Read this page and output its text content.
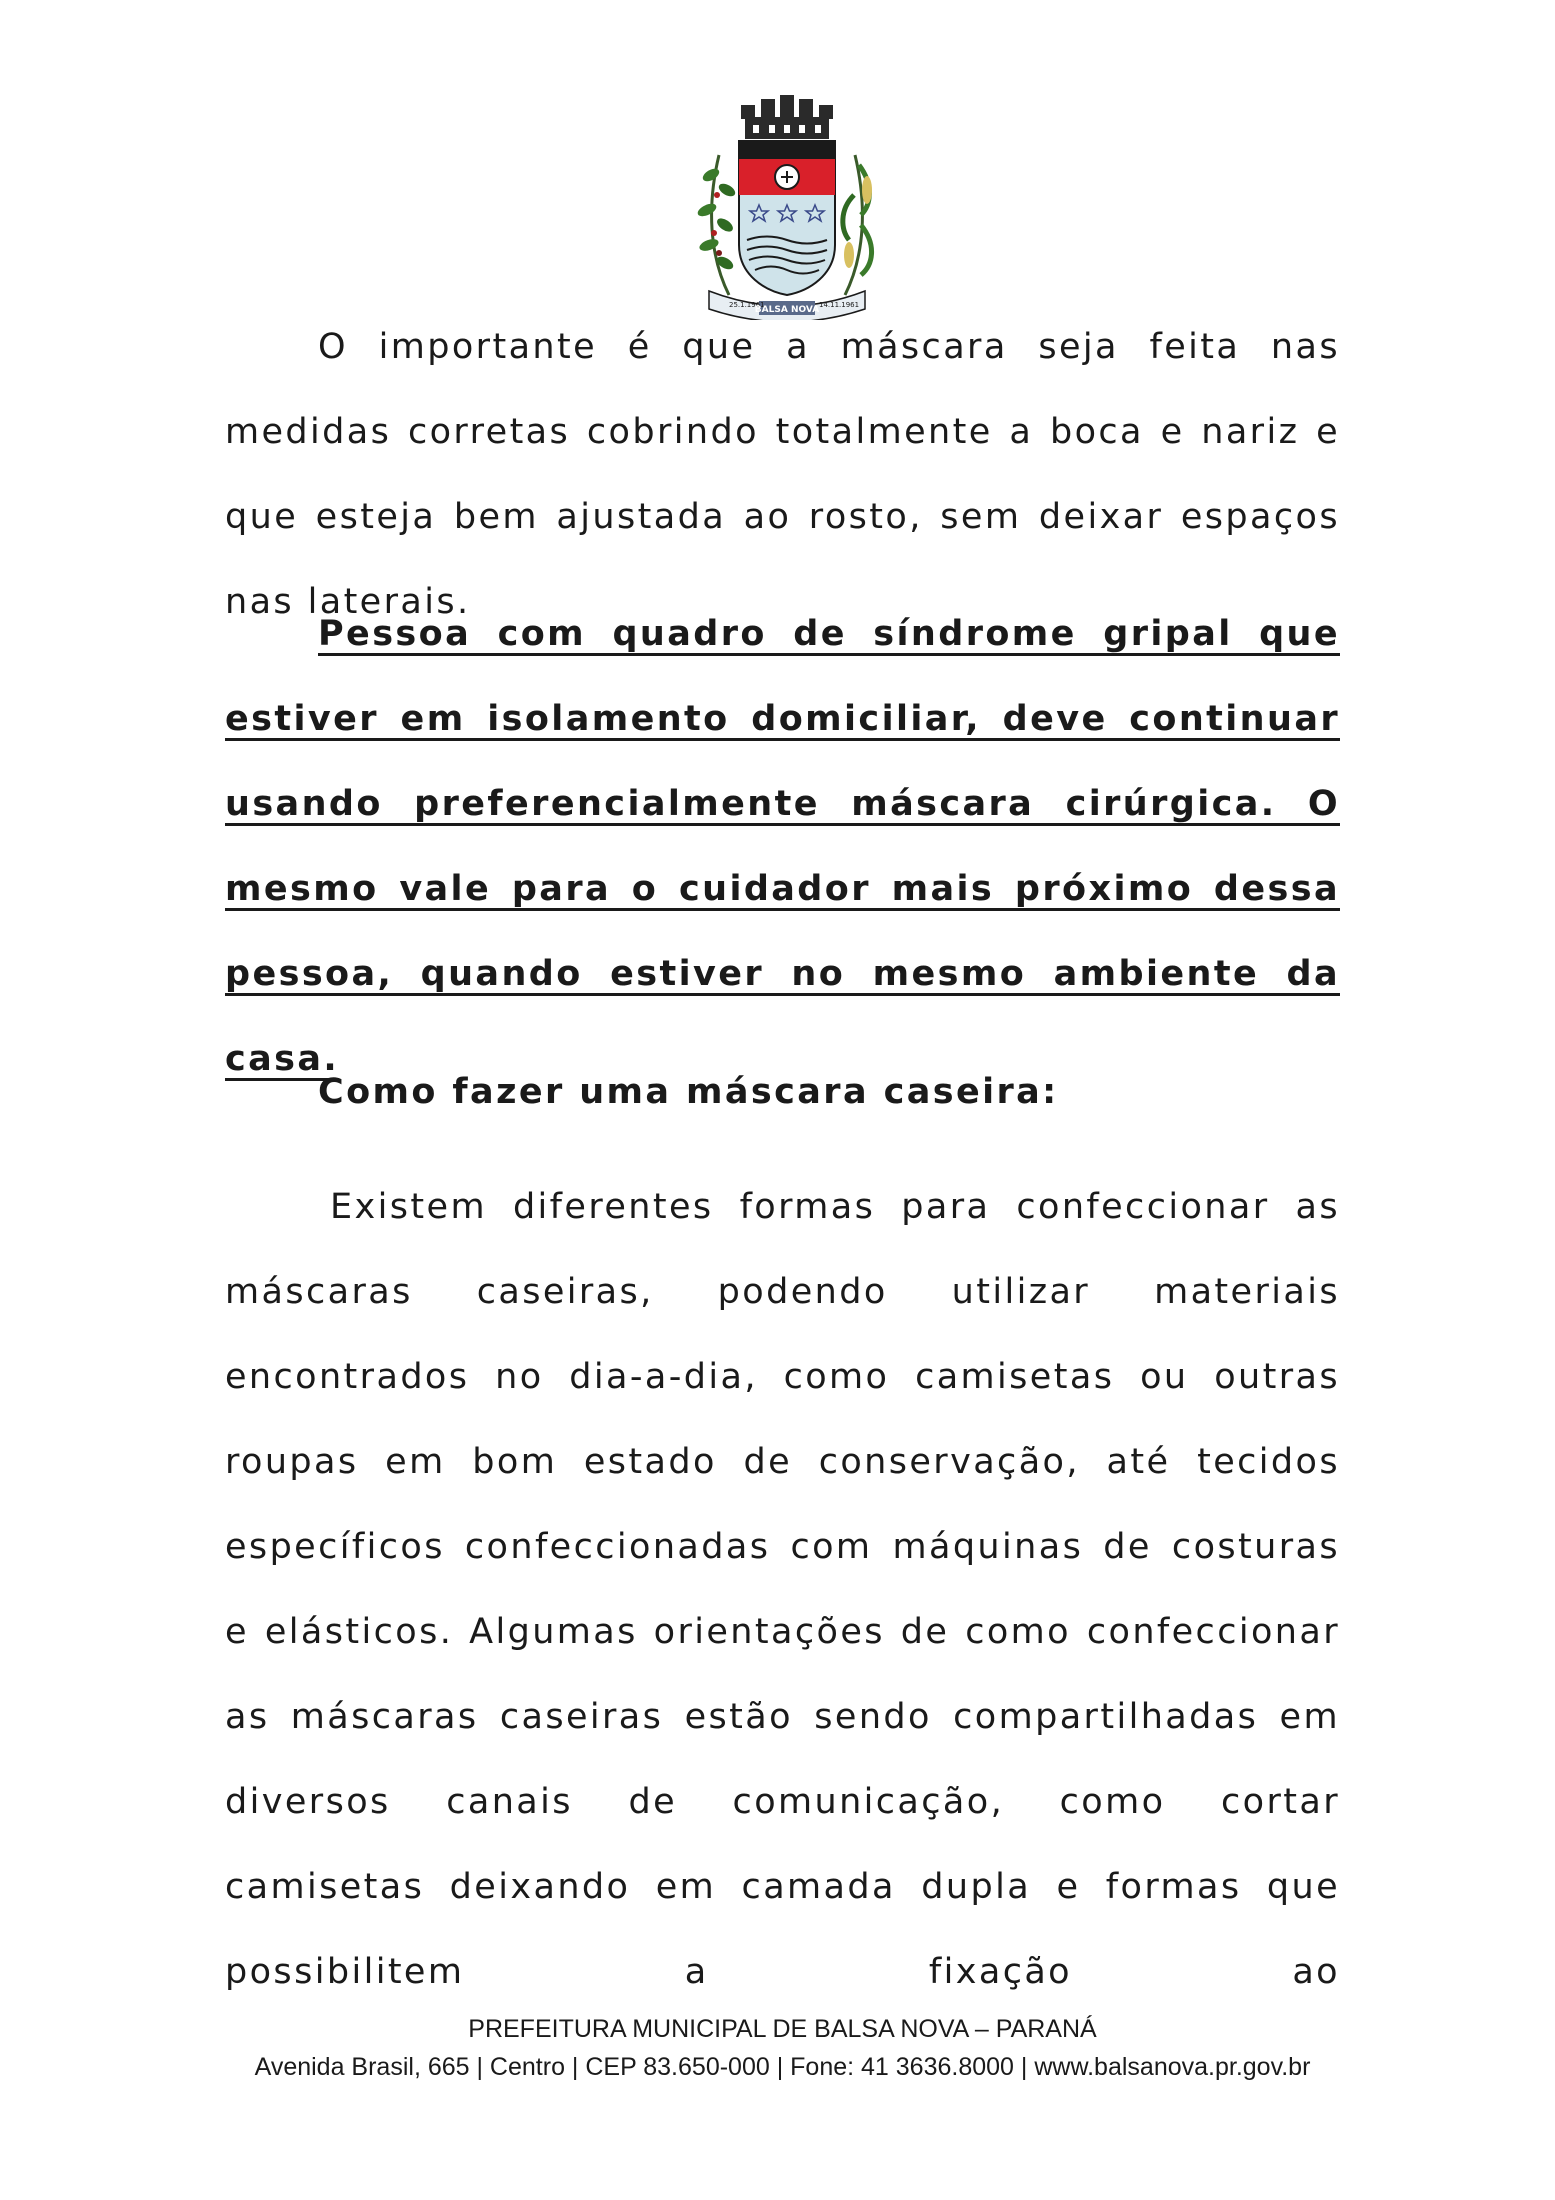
25.1.1961
BALSA NOVA 14.11.1961

O importante é que a máscara seja feita nas medidas corretas cobrindo totalmente a boca e nariz e que esteja bem ajustada ao rosto, sem deixar espaços nas laterais.

Pessoa com quadro de síndrome gripal que estiver em isolamento domiciliar, deve continuar usando preferencialmente máscara cirúrgica. O mesmo vale para o cuidador mais próximo dessa pessoa, quando estiver no mesmo ambiente da casa.

Como fazer uma máscara caseira:

Existem diferentes formas para confeccionar as máscaras caseiras, podendo utilizar materiais encontrados no dia-a-dia, como camisetas ou outras roupas em bom estado de conservação, até tecidos específicos confeccionadas com máquinas de costuras e elásticos. Algumas orientações de como confeccionar as máscaras caseiras estão sendo compartilhadas em diversos canais de comunicação, como cortar camisetas deixando em camada dupla e formas que possibilitem a fixação ao

PREFEITURA MUNICIPAL DE BALSA NOVA – PARANÁ
Avenida Brasil, 665 | Centro | CEP 83.650-000 | Fone: 41 3636.8000 | www.balsanova.pr.gov.br
